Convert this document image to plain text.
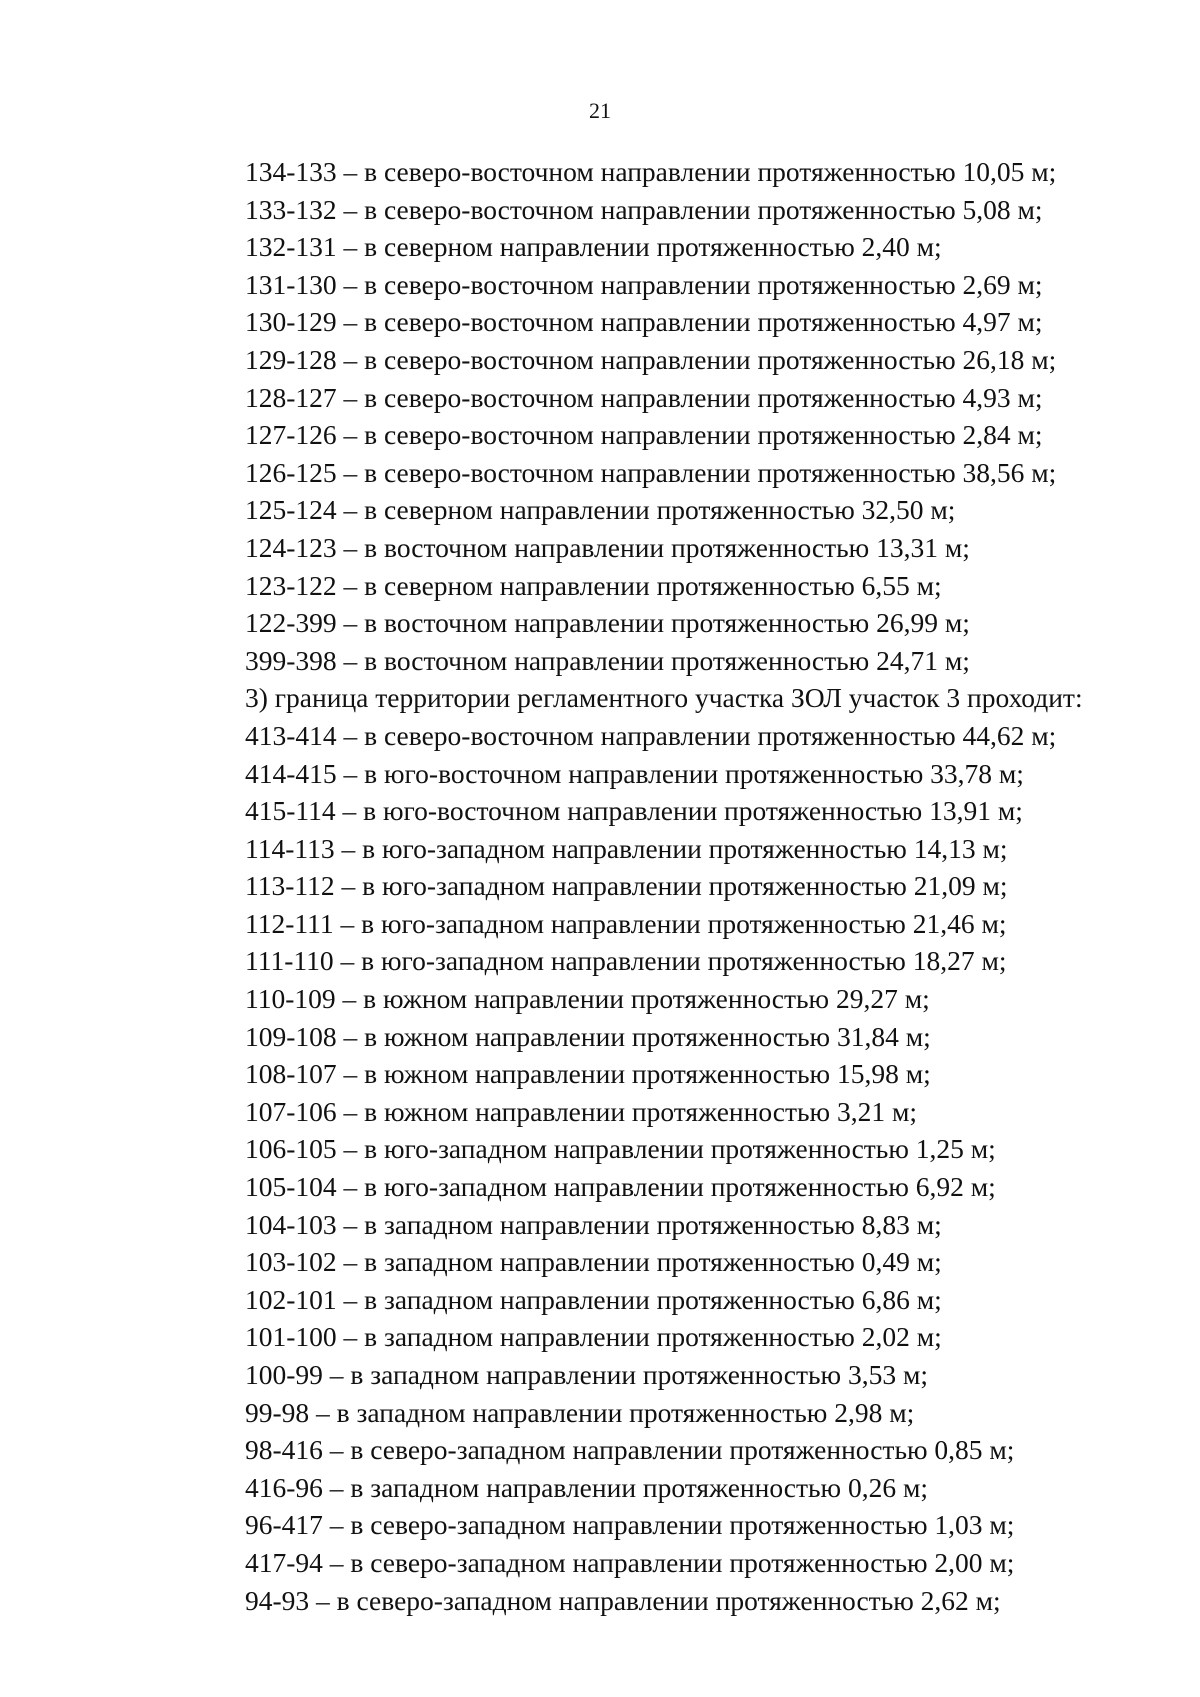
21
134-133 – в северо-восточном направлении протяженностью 10,05 м;
133-132 – в северо-восточном направлении протяженностью 5,08 м;
132-131 – в северном направлении протяженностью 2,40 м;
131-130 – в северо-восточном направлении протяженностью 2,69 м;
130-129 – в северо-восточном направлении протяженностью 4,97 м;
129-128 – в северо-восточном направлении протяженностью 26,18 м;
128-127 – в северо-восточном направлении протяженностью 4,93 м;
127-126 – в северо-восточном направлении протяженностью 2,84 м;
126-125 – в северо-восточном направлении протяженностью 38,56 м;
125-124 – в северном направлении протяженностью 32,50 м;
124-123 – в восточном направлении протяженностью 13,31 м;
123-122 – в северном направлении протяженностью 6,55 м;
122-399 – в восточном направлении протяженностью 26,99 м;
399-398 – в восточном направлении протяженностью 24,71 м;
3) граница территории регламентного участка ЗОЛ участок 3 проходит:
413-414 – в северо-восточном направлении протяженностью 44,62 м;
414-415 – в юго-восточном направлении протяженностью 33,78 м;
415-114 – в юго-восточном направлении протяженностью 13,91 м;
114-113 – в юго-западном направлении протяженностью 14,13 м;
113-112 – в юго-западном направлении протяженностью 21,09 м;
112-111 – в юго-западном направлении протяженностью 21,46 м;
111-110 – в юго-западном направлении протяженностью 18,27 м;
110-109 – в южном направлении протяженностью 29,27 м;
109-108 – в южном направлении протяженностью 31,84 м;
108-107 – в южном направлении протяженностью 15,98 м;
107-106 – в южном направлении протяженностью 3,21 м;
106-105 – в юго-западном направлении протяженностью 1,25 м;
105-104 – в юго-западном направлении протяженностью 6,92 м;
104-103 – в западном направлении протяженностью 8,83 м;
103-102 – в западном направлении протяженностью 0,49 м;
102-101 – в западном направлении протяженностью 6,86 м;
101-100 – в западном направлении протяженностью 2,02 м;
100-99 – в западном направлении протяженностью 3,53 м;
99-98 – в западном направлении протяженностью 2,98 м;
98-416 – в северо-западном направлении протяженностью 0,85 м;
416-96 – в западном направлении протяженностью 0,26 м;
96-417 – в северо-западном направлении протяженностью 1,03 м;
417-94 – в северо-западном направлении протяженностью 2,00 м;
94-93 – в северо-западном направлении протяженностью 2,62 м;
